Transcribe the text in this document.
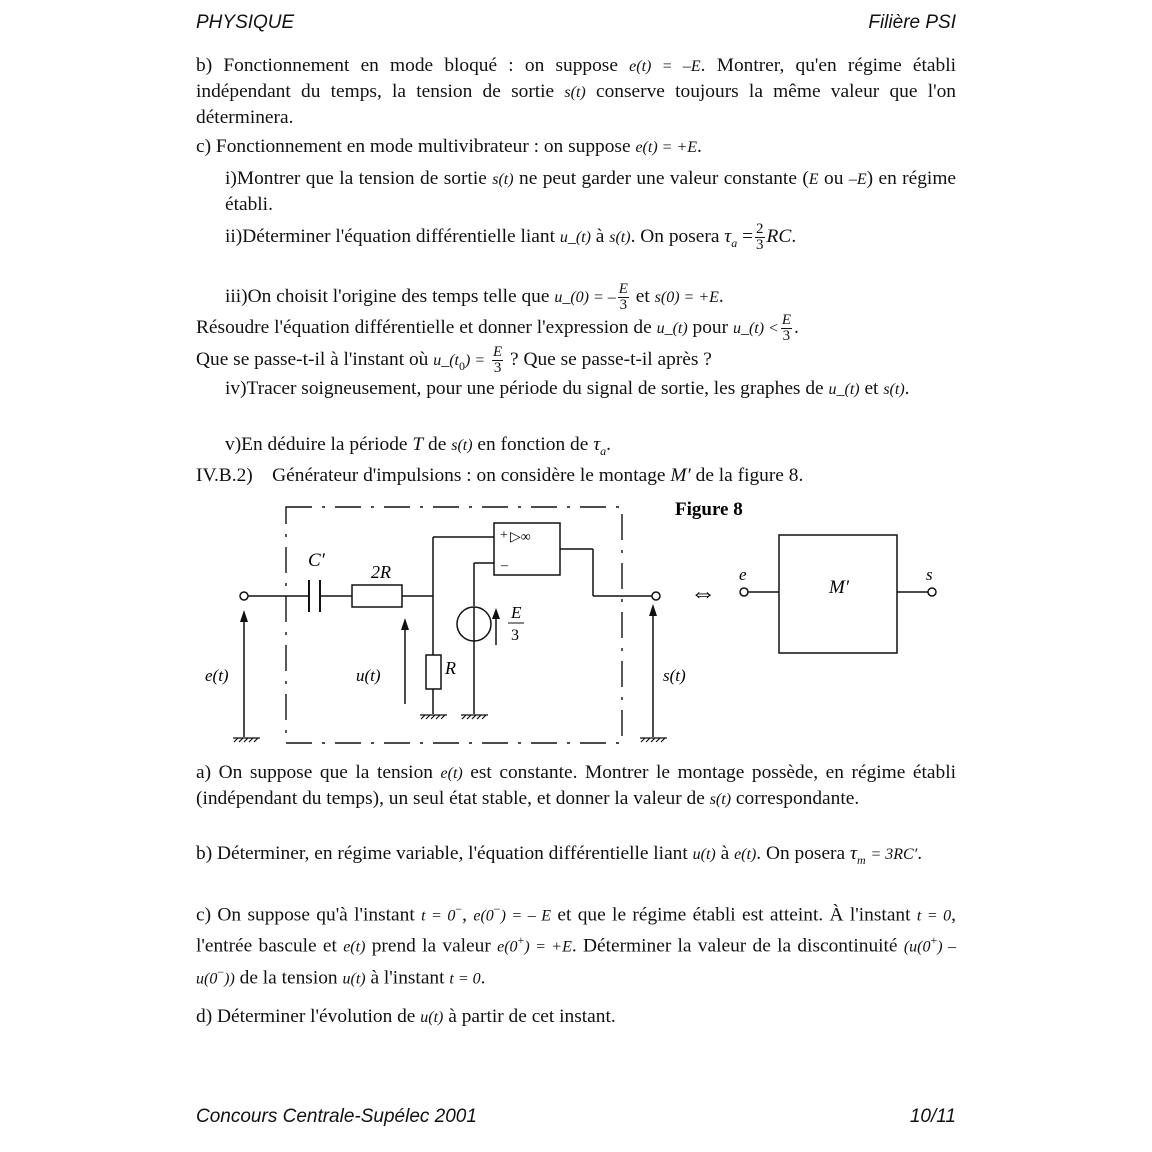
PHYSIQUE	Filière PSI

b) Fonctionnement en mode bloqué : on suppose e(t) = –E. Montrer, qu'en régime établi indépendant du temps, la tension de sortie s(t) conserve toujours la même valeur que l'on déterminera.

c) Fonctionnement en mode multivibrateur : on suppose e(t) = +E.

i)Montrer que la tension de sortie s(t) ne peut garder une valeur constante (E ou –E) en régime établi.

ii)Déterminer l'équation différentielle liant u_(t) à s(t). On posera $\tau_a = \frac{2}{3}$ RC.

iii)On choisit l'origine des temps telle que u_(0) = – $\frac{E}{3}$ et s(0) = +E.

Résoudre l'équation différentielle et donner l'expression de u_(t) pour u_(t) < $\frac{E}{3}$ .

Que se passe-t-il à l'instant où $u\_(t_0) = \frac{E}{3}$ ? Que se passe-t-il après ?

iv)Tracer soigneusement, pour une période du signal de sortie, les graphes de u_(t) et s(t).

v)En déduire la période T de s(t) en fonction de $\tau_a$.

IV.B.2) Générateur d'impulsions : on considère le montage M′ de la figure 8.

Figure 8
C′
2R
R
u(t)
+ ▷∞
–
E
3
e(t)	s(t)
⇔
e
M′
s

a) On suppose que la tension e(t) est constante. Montrer le montage possède, en régime établi (indépendant du temps), un seul état stable, et donner la valeur de s(t) correspondante.

b) Déterminer, en régime variable, l'équation différentielle liant u(t) à e(t). On posera $\tau_m = 3RC'$.

c) On suppose qu'à l'instant t = 0−, e(0−) = – E et que le régime établi est atteint. À l'instant t = 0, l'entrée bascule et e(t) prend la valeur e(0+) = +E. Déterminer la valeur de la discontinuité (u(0+) – u(0−)) de la tension u(t) à l'instant t = 0.

d) Déterminer l'évolution de u(t) à partir de cet instant.

Concours Centrale-Supélec 2001	10/11
